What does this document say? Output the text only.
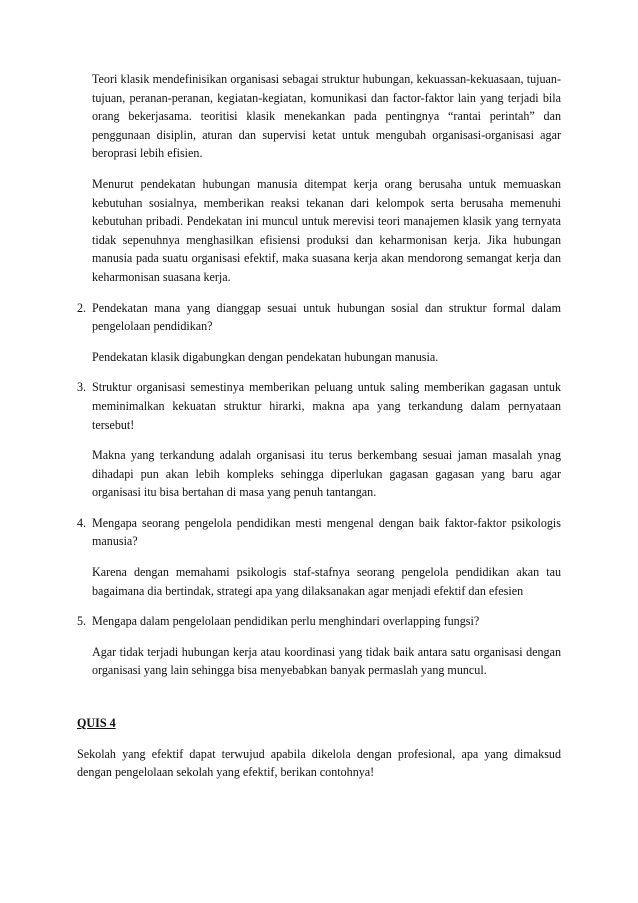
Teori klasik mendefinisikan organisasi sebagai struktur hubungan, kekuassan-kekuasaan, tujuan-tujuan, peranan-peranan, kegiatan-kegiatan, komunikasi dan factor-faktor lain yang terjadi bila orang bekerjasama. teoritisi klasik menekankan pada pentingnya “rantai perintah” dan penggunaan disiplin, aturan dan supervisi ketat untuk mengubah organisasi-organisasi agar beroprasi lebih efisien.

Menurut pendekatan hubungan manusia ditempat kerja orang berusaha untuk memuaskan kebutuhan sosialnya, memberikan reaksi tekanan dari kelompok serta berusaha memenuhi kebutuhan pribadi. Pendekatan ini muncul untuk merevisi teori manajemen klasik yang ternyata tidak sepenuhnya menghasilkan efisiensi produksi dan keharmonisan kerja. Jika hubungan manusia pada suatu organisasi efektif, maka suasana kerja akan mendorong semangat kerja dan keharmonisan suasana kerja.

2. Pendekatan mana yang dianggap sesuai untuk hubungan sosial dan struktur formal dalam pengelolaan pendidikan?

Pendekatan klasik digabungkan dengan pendekatan hubungan manusia.

3. Struktur organisasi semestinya memberikan peluang untuk saling memberikan gagasan untuk meminimalkan kekuatan struktur hirarki, makna apa yang terkandung dalam pernyataan tersebut!

Makna yang terkandung adalah organisasi itu terus berkembang sesuai jaman masalah ynag dihadapi pun akan lebih kompleks sehingga diperlukan gagasan gagasan yang baru agar organisasi itu bisa bertahan di masa yang penuh tantangan.

4. Mengapa seorang pengelola pendidikan mesti mengenal dengan baik faktor-faktor psikologis manusia?

Karena dengan memahami psikologis staf-stafnya seorang pengelola pendidikan akan tau bagaimana dia bertindak, strategi apa yang dilaksanakan agar menjadi efektif dan efesien

5. Mengapa dalam pengelolaan pendidikan perlu menghindari overlapping fungsi?

Agar tidak terjadi hubungan kerja atau koordinasi yang tidak baik antara satu organisasi dengan organisasi yang lain sehingga bisa menyebabkan banyak permaslah yang muncul.

QUIS 4

Sekolah yang efektif dapat terwujud apabila dikelola dengan profesional, apa yang dimaksud dengan pengelolaan sekolah yang efektif, berikan contohnya!
